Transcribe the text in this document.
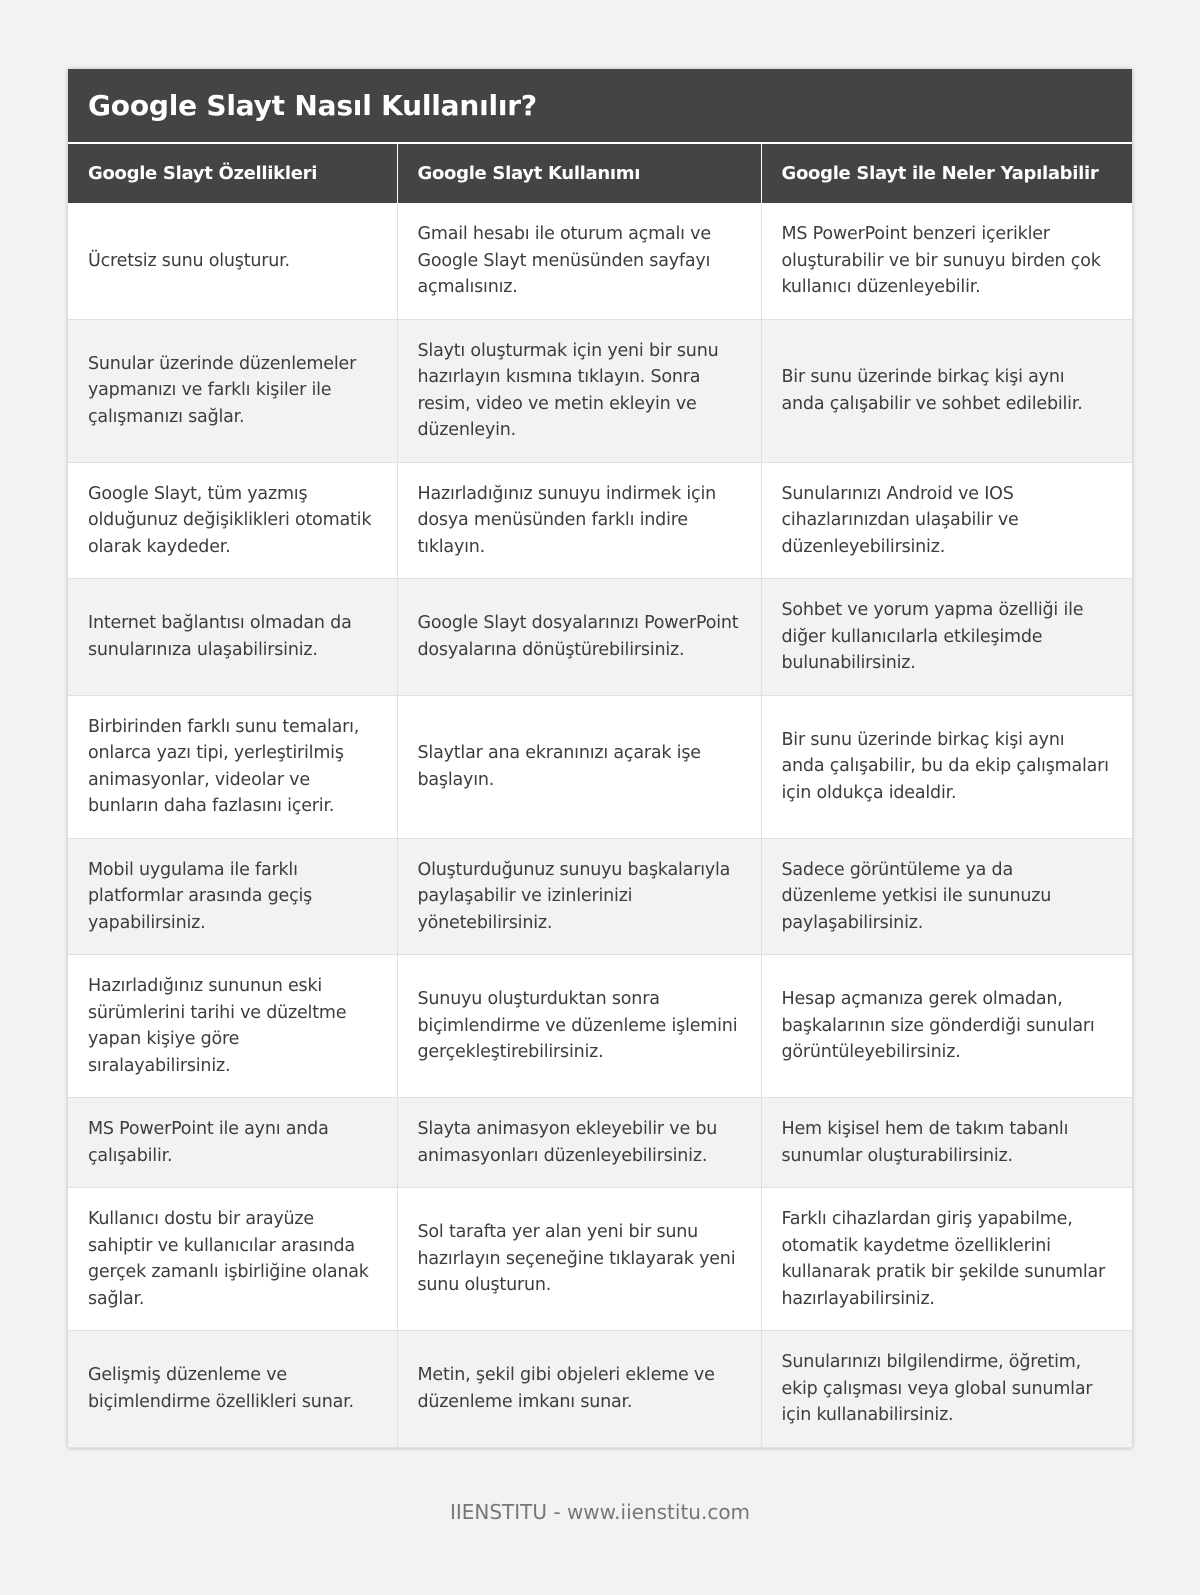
Google Slayt Nasıl Kullanılır?
Google Slayt Özellikleri	Google Slayt Kullanımı	Google Slayt ile Neler Yapılabilir
Ücretsiz sunu oluşturur.	Gmail hesabı ile oturum açmalı ve Google Slayt menüsünden sayfayı açmalısınız.	MS PowerPoint benzeri içerikler oluşturabilir ve bir sunuyu birden çok kullanıcı düzenleyebilir.
Sunular üzerinde düzenlemeler yapmanızı ve farklı kişiler ile çalışmanızı sağlar.	Slaytı oluşturmak için yeni bir sunu hazırlayın kısmına tıklayın. Sonra resim, video ve metin ekleyin ve düzenleyin.	Bir sunu üzerinde birkaç kişi aynı anda çalışabilir ve sohbet edilebilir.
Google Slayt, tüm yazmış olduğunuz değişiklikleri otomatik olarak kaydeder.	Hazırladığınız sunuyu indirmek için dosya menüsünden farklı indire tıklayın.	Sunularınızı Android ve IOS cihazlarınızdan ulaşabilir ve düzenleyebilirsiniz.
Internet bağlantısı olmadan da sunularınıza ulaşabilirsiniz.	Google Slayt dosyalarınızı PowerPoint dosyalarına dönüştürebilirsiniz.	Sohbet ve yorum yapma özelliği ile diğer kullanıcılarla etkileşimde bulunabilirsiniz.
Birbirinden farklı sunu temaları, onlarca yazı tipi, yerleştirilmiş animasyonlar, videolar ve bunların daha fazlasını içerir.	Slaytlar ana ekranınızı açarak işe başlayın.	Bir sunu üzerinde birkaç kişi aynı anda çalışabilir, bu da ekip çalışmaları için oldukça idealdir.
Mobil uygulama ile farklı platformlar arasında geçiş yapabilirsiniz.	Oluşturduğunuz sunuyu başkalarıyla paylaşabilir ve izinlerinizi yönetebilirsiniz.	Sadece görüntüleme ya da düzenleme yetkisi ile sununuzu paylaşabilirsiniz.
Hazırladığınız sununun eski sürümlerini tarihi ve düzeltme yapan kişiye göre sıralayabilirsiniz.	Sunuyu oluşturduktan sonra biçimlendirme ve düzenleme işlemini gerçekleştirebilirsiniz.	Hesap açmanıza gerek olmadan, başkalarının size gönderdiği sunuları görüntüleyebilirsiniz.
MS PowerPoint ile aynı anda çalışabilir.	Slayta animasyon ekleyebilir ve bu animasyonları düzenleyebilirsiniz.	Hem kişisel hem de takım tabanlı sunumlar oluşturabilirsiniz.
Kullanıcı dostu bir arayüze sahiptir ve kullanıcılar arasında gerçek zamanlı işbirliğine olanak sağlar.	Sol tarafta yer alan yeni bir sunu hazırlayın seçeneğine tıklayarak yeni sunu oluşturun.	Farklı cihazlardan giriş yapabilme, otomatik kaydetme özelliklerini kullanarak pratik bir şekilde sunumlar hazırlayabilirsiniz.
Gelişmiş düzenleme ve biçimlendirme özellikleri sunar.	Metin, şekil gibi objeleri ekleme ve düzenleme imkanı sunar.	Sunularınızı bilgilendirme, öğretim, ekip çalışması veya global sunumlar için kullanabilirsiniz.
IIENSTITU - www.iienstitu.com
